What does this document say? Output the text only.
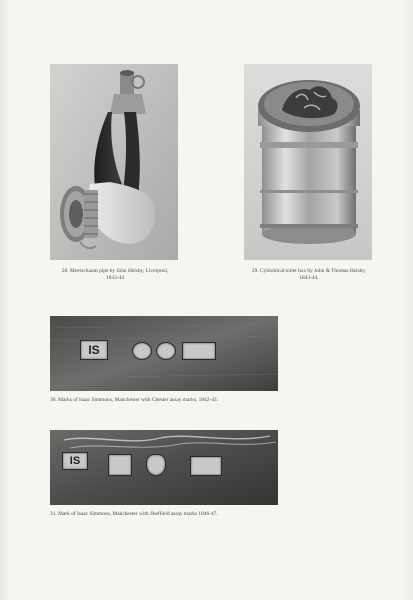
28. Meerschaum pipe by John Helsby, Liverpool,
1843-44
29. Cylindrical toilet box by John & Thomas Helsby,
1843-44.
IS
30. Marks of Isaac Simmons, Manchester with Chester assay marks, 1842-43.
IS
31. Mark of Isaac Simmons, Manchester with Sheffield assay marks 1846-47.
